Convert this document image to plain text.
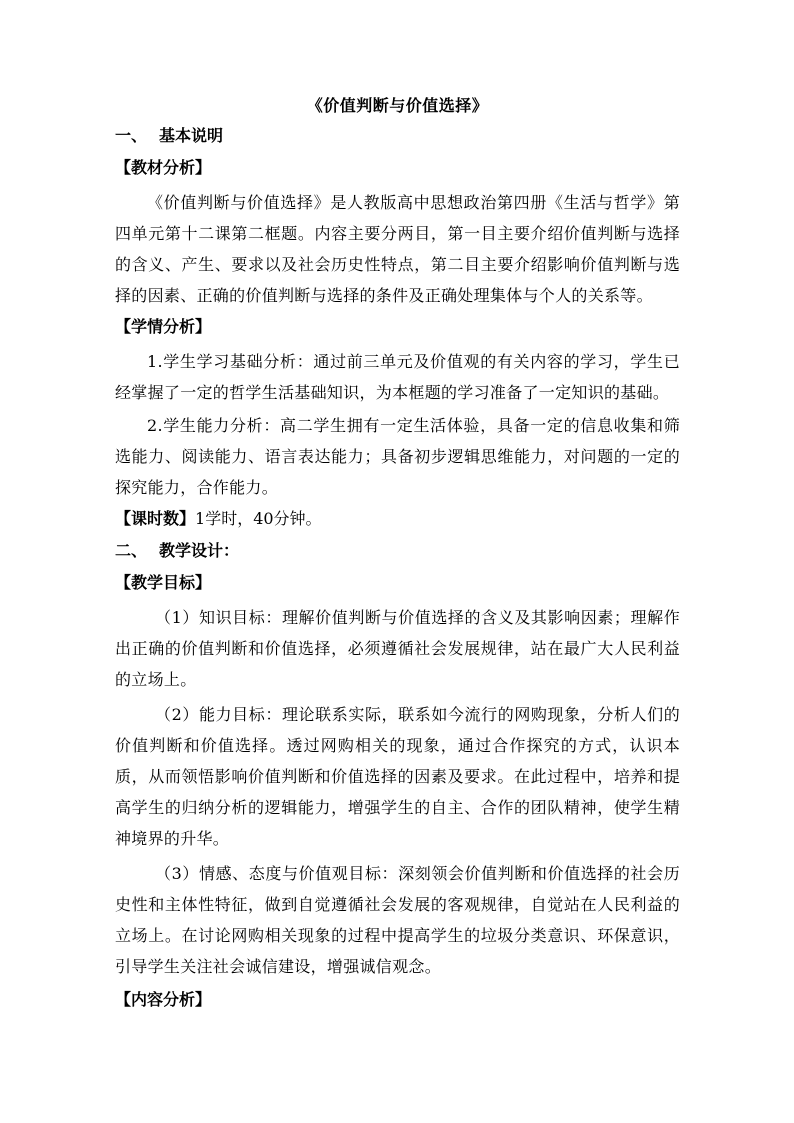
《价值判断与价值选择》
一、 基本说明
【教材分析】

《价值判断与价值选择》是人教版高中思想政治第四册《生活与哲学》第四单元第十二课第二框题。内容主要分两目，第一目主要介绍价值判断与选择的含义、产生、要求以及社会历史性特点，第二目主要介绍影响价值判断与选择的因素、正确的价值判断与选择的条件及正确处理集体与个人的关系等。

【学情分析】

1.学生学习基础分析：通过前三单元及价值观的有关内容的学习，学生已经掌握了一定的哲学生活基础知识，为本框题的学习准备了一定知识的基础。

2.学生能力分析：高二学生拥有一定生活体验，具备一定的信息收集和筛选能力、阅读能力、语言表达能力；具备初步逻辑思维能力，对问题的一定的探究能力，合作能力。

【课时数】1学时，40分钟。
二、 教学设计：
【教学目标】

（1）知识目标：理解价值判断与价值选择的含义及其影响因素；理解作出正确的价值判断和价值选择，必须遵循社会发展规律，站在最广大人民利益的立场上。

（2）能力目标：理论联系实际，联系如今流行的网购现象，分析人们的价值判断和价值选择。透过网购相关的现象，通过合作探究的方式，认识本质，从而领悟影响价值判断和价值选择的因素及要求。在此过程中，培养和提高学生的归纳分析的逻辑能力，增强学生的自主、合作的团队精神，使学生精神境界的升华。

（3）情感、态度与价值观目标：深刻领会价值判断和价值选择的社会历史性和主体性特征，做到自觉遵循社会发展的客观规律，自觉站在人民利益的立场上。在讨论网购相关现象的过程中提高学生的垃圾分类意识、环保意识，引导学生关注社会诚信建设，增强诚信观念。

【内容分析】
